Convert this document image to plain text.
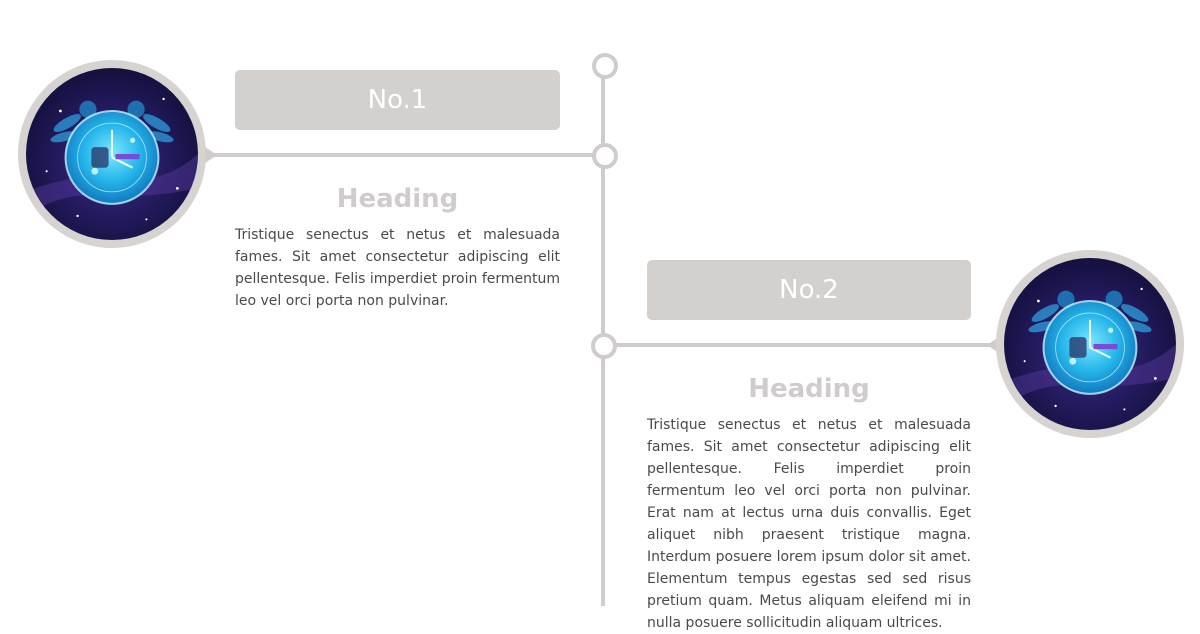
No.1
Heading

Tristique senectus et netus et malesuada fames. Sit amet consectetur adipiscing elit pellentesque. Felis imperdiet proin fermentum leo vel orci porta non pulvinar.	No.2
Heading

Tristique senectus et netus et malesuada fames. Sit amet consectetur adipiscing elit pellentesque. Felis imperdiet proin fermentum leo vel orci porta non pulvinar. Erat nam at lectus urna duis convallis. Eget aliquet nibh praesent tristique magna. Interdum posuere lorem ipsum dolor sit amet. Elementum tempus egestas sed sed risus pretium quam. Metus aliquam eleifend mi in nulla posuere sollicitudin aliquam ultrices.
